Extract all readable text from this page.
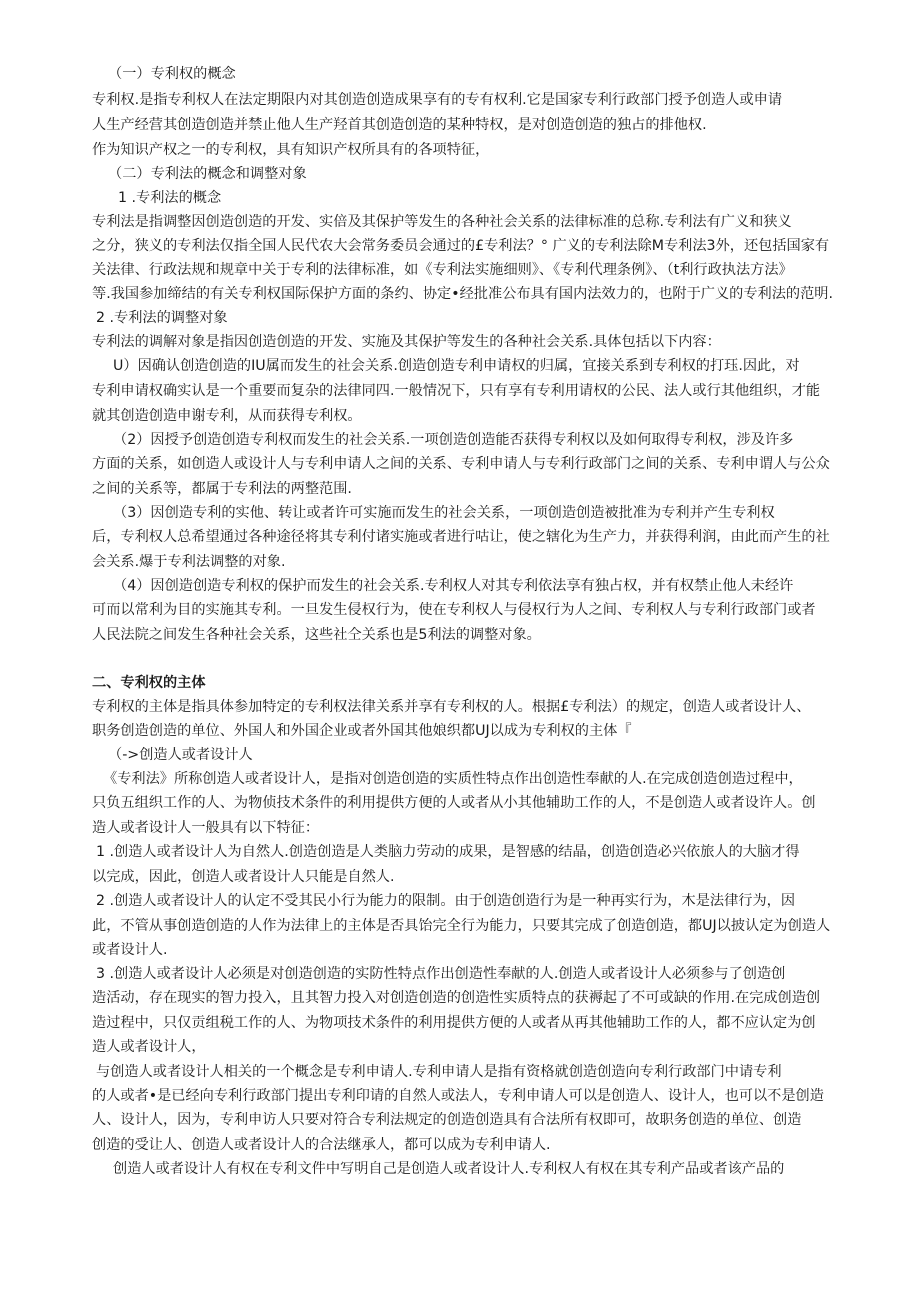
（一）专利权的概念
专利权.是指专利权人在法定期限内对其创造创造成果享有的专有权利.它是国家专利行政部门授予创造人或申请
人生产经营其创造创造并禁止他人生产羟首其创造创造的某种特权，是对创造创造的独占的排他权.
作为知识产权之一的专利权，具有知识产权所具有的各项特征，
（二）专利法的概念和调整对象
1 .专利法的概念
专利法是指调整因创造创造的开发、实倍及其保护等发生的各种社会关系的法律标准的总称.专利法有广义和狭义
之分，狭义的专利法仅指全国人民代农大会常务委员会通过的£专利法？° 广义的专利法除M专利法3外，还包括国家有
关法律、行政法规和规章中关于专利的法律标准，如《专利法实施细则》、《专利代理条例》、（t利行政执法方法》
等.我国参加缔结的有关专利权国际保护方面的条约、协定•经批准公布具有国内法效力的，也附于广义的专利法的范明.
2 .专利法的调整对象
专利法的调解对象是指因创造创造的开发、实施及其保护等发生的各种社会关系.具体包括以下内容：
U）因确认创造创造的IU属而发生的社会关系.创造创造专利申请权的归属，宜接关系到专利权的打珏.因此，对
专利申请权确实认是一个重要而复杂的法律同四.一般情况下，只有享有专利用请权的公民、法人或行其他组织，才能
就其创造创造申谢专利，从而获得专利权。
（2）因授予创造创造专利权而发生的社会关系.一项创造创造能否获得专利权以及如何取得专利权，涉及许多
方面的关系，如创造人或设计人与专利申请人之间的关系、专利申请人与专利行政部门之间的关系、专利申谓人与公众
之间的关系等，都属于专利法的两整范围.
（3）因创造专利的实他、转让或者许可实施而发生的社会关系，一项创造创造被批准为专利并产生专利权
后，专利权人总希望通过各种途径将其专利付诸实施或者进行咕让，使之辖化为生产力，并获得利润，由此而产生的社
会关系.爆于专利法调整的对象.
（4）因创造创造专利权的保护而发生的社会关系.专利权人对其专利依法享有独占权，并有权禁止他人未经许
可而以常利为目的实施其专利。一旦发生侵权行为，使在专利权人与侵权行为人之间、专利权人与专利行政部门或者
人民法院之间发生各种社会关系，这些社仝关系也是5利法的调整对象。
二、专利权的主体
专利权的主体是指具体参加特定的专利权法律关系并享有专利权的人。根据£专利法）的规定，创造人或者设计人、
职务创造创造的单位、外国人和外国企业或者外国其他娘织都UJ以成为专利权的主体『
（->创造人或者设计人
《专利法》所称创造人或者设计人，是指对创造创造的实质性特点作出创造性奉献的人.在完成创造创造过程中，
只负五组织工作的人、为物侦技术条件的利用提供方便的人或者从小其他辅助工作的人，不是创造人或者设许人。创
造人或者设计人一般具有以下特征：
1 .创造人或者设计人为自然人.创造创造是人类脑力劳动的成果，是智感的结晶，创造创造必兴依旅人的大脑才得
以完成，因此，创造人或者设计人只能是自然人.
2 .创造人或者设计人的认定不受其民小行为能力的限制。由于创造创造行为是一种再实行为，木是法律行为，因
此，不管从事创造创造的人作为法律上的主体是否具饴完全行为能力，只要其完成了创造创造，都UJ以披认定为创造人
或者设计人.
3 .创造人或者设计人必须是对创造创造的实防性特点作出创造性奉献的人.创造人或者设计人必须参与了创造创
造活动，存在现实的智力投入，且其智力投入对创造创造的创造性实质特点的获褥起了不可或缺的作用.在完成创造创
造过程中，只仅贡组税工作的人、为物项技术条件的利用提供方便的人或者从再其他辅助工作的人，都不应认定为创
造人或者设计人，
与创造人或者设计人相关的一个概念是专利申请人.专利申请人是指有资格就创造创造向专利行政部门中请专利
的人或者•是已经向专利行政部门提出专利印请的自然人或法人，专利申请人可以是创造人、设计人，也可以不是创造
人、设计人，因为，专利申访人只要对符合专利法规定的创造创造具有合法所有权即可，故职务创造的单位、创造
创造的受让人、创造人或者设计人的合法继承人，都可以成为专利申请人.
创造人或者设计人有权在专利文件中写明自己是创造人或者设计人.专利权人有权在其专利产品或者该产品的
